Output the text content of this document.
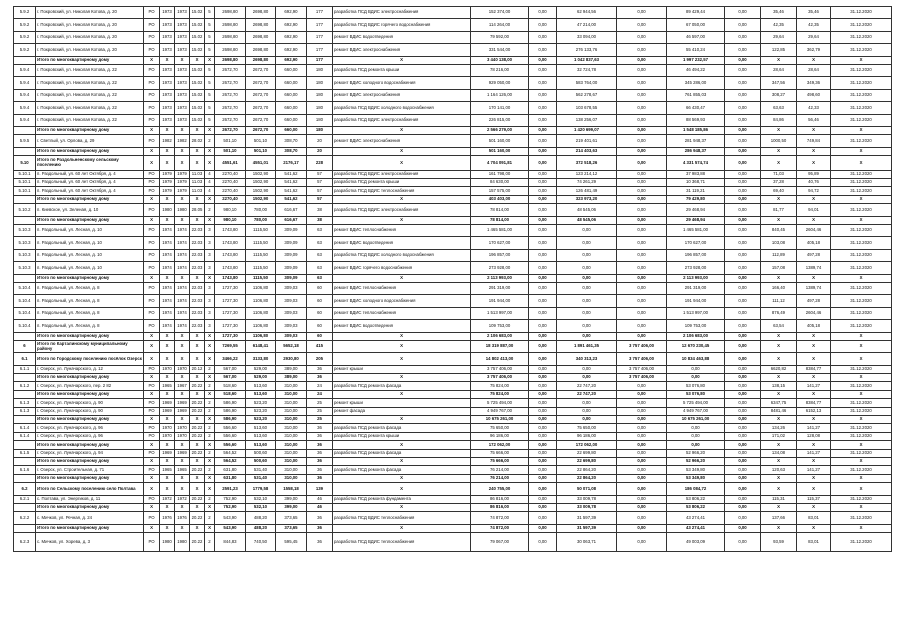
5.9.2	г. Покровский, ул. Николая Котова, д. 20	РО	1973	1973	15.02	5	2698,80	2698,80	692,90	177	разработка ПСД ВДИС электроснабжения	152 374,00	0,00	62 944,56	0,00	89 429,44	0,00	35,46	35,46	31.12.2020
5.9.2	г. Покровский, ул. Николая Котова, д. 20	РО	1973	1973	15.02	5	2698,80	2698,80	692,90	177	разработка ПСД ВДИС горячего водоснабжения	114 264,00	0,00	47 214,00	0,00	67 050,00	0,00	42,35	42,35	31.12.2020
5.9.2	г. Покровский, ул. Николая Котова, д. 20	РО	1973	1973	15.02	5	2698,80	2698,80	692,90	177	ремонт ВДИС водоотведения	79 592,00	0,00	33 094,00	0,00	46 597,00	0,00	29,64	29,64	31.12.2020
5.9.2	г. Покровский, ул. Николая Котова, д. 20	РО	1973	1973	15.02	5	2698,80	2698,80	692,90	177	ремонт ВДИС электроснабжения	331 544,00	0,00	276 133,76	0,00	55 410,24	0,00	122,85	362,79	31.12.2020
	Итого по многоквартирному дому	X	X	X	X	X	2698,80	2698,80	692,90	177	X	3 440 138,00	0,00	1 042 837,63	0,00	1 997 232,57	0,00	X	X	X
5.9.4	г. Покровский, ул. Николая Котова, д. 22	РО	1973	1973	15.02	5	2672,70	2672,70	660,00	180	разработка ПСД ремонта крыши	78 216,00	0,00	32 724,78	0,00	46 494,22	0,00	28,64	28,64	31.12.2020
5.9.4	г. Покровский, ул. Николая Котова, д. 22	РО	1973	1973	15.02	5	2672,70	2672,70	660,00	180	ремонт ВДИС холодного водоснабжения	929 050,00	0,00	583 764,00	0,00	345 286,00	0,00	347,56	349,36	31.12.2020
5.9.4	г. Покровский, ул. Николая Котова, д. 22	РО	1973	1973	15.02	5	2672,70	2672,70	660,00	180	ремонт ВДИС электроснабжения	1 164 126,00	0,00	562 278,67	0,00	761 855,03	0,00	308,27	498,60	31.12.2020
5.9.4	г. Покровский, ул. Николая Котова, д. 22	РО	1973	1973	15.02	5	2672,70	2672,70	660,00	180	разработка ПСД ВДИС холодного водоснабжения	170 141,00	0,00	103 678,55	0,00	66 430,47	0,00	63,63	42,33	31.12.2020
5.9.4	г. Покровский, ул. Николая Котова, д. 22	РО	1973	1973	15.02	5	2672,70	2672,70	660,00	180	разработка ПСД ВДИС электроснабжения	226 815,00	0,00	138 256,07	0,00	88 569,93	0,00	84,86	56,46	31.12.2020
	Итого по многоквартирному дому	X	X	X	X	X	2672,70	2672,70	660,00	180	X	2 566 279,00	0,00	1 420 699,07	0,00	1 548 185,86	0,00	X	X	X
5.9.5	г. Светлый, ул. Орлова, д. 29	РО	1982	1982	28.02	2	501,10	501,10	308,70	20	ремонт ВДИС электроснабжения	501 160,00	0,00	219 401,61	0,00	281 948,37	0,00	1000,50	749,84	31.12.2020
	Итого по многоквартирному дому	X	X	X	X	X	501,10	501,10	308,70	20	X	501 160,00	0,00	214 403,63	0,00	286 948,37	0,00	X	X	X
5.10	Итого по Раздольненскому сельскому поселению	X	X	X	X	X	4551,61	4551,01	2176,17	228	X	4 704 091,81	0,00	372 518,26	0,00	4 331 574,74	0,00	X	X	X
5.10.1	п. Раздольный, ул. 60 лет Октября, д. 4	РО	1979	1979	11.03	4	2270,40	1502,90	541,62	57	разработка ПСД ВДИС электроснабжения	161 798,00	0,00	123 214,12	0,00	37 983,88	0,00	71,03	95,89	31.12.2020
5.10.1	п. Раздольный, ул. 60 лет Октября, д. 4	РО	1979	1979	11.03	4	2270,40	1502,90	541,62	57	разработка ПСД ремонта крыши	84 630,00	0,00	74 261,29	0,00	10 368,71	0,00	37,28	40,76	31.12.2020
5.10.1	п. Раздольный, ул. 60 лет Октября, д. 4	РО	1979	1979	11.03	4	2270,40	1502,90	541,62	57	разработка ПСД ВДИС теплоснабжения	157 575,00	0,00	126 481,49	0,00	31 119,21	0,00	69,40	94,72	31.12.2020
	Итого по многоквартирному дому	X	X	X	X	X	2270,40	1502,90	541,62	57	X	403 403,00	0,00	323 973,20	0,00	79 429,80	0,00	X	X	X
5.10.2	п. Киевское, ул. Зеленая, д. 10	РО	1980	1980	28.05	2	980,10	780,00	616,67	38	разработка ПСД ВДИС электроснабжения	78 814,00	0,00	48 545,06	0,00	29 468,94	0,00	81,77	94,01	31.12.2020
	Итого по многоквартирному дому	X	X	X	X	X	980,10	780,00	616,67	38	X	78 814,00	0,00	48 545,06	0,00	29 468,94	0,00	X	X	X
5.10.3	п. Раздольный, ул. Лесная, д. 10	РО	1974	1974	22.03	3	1743,80	1115,50	309,09	63	ремонт ВДИС теплоснабжения	1 465 581,00	0,00	0,00	0,00	1 465 581,00	0,00	840,45	2604,46	31.12.2020
5.10.3	п. Раздольный, ул. Лесная, д. 10	РО	1974	1974	22.03	3	1743,80	1115,50	309,09	63	ремонт ВДИС водоотведения	170 627,00	0,00	0,00	0,00	170 627,00	0,00	103,08	405,18	31.12.2020
5.10.3	п. Раздольный, ул. Лесная, д. 10	РО	1974	1974	22.03	3	1743,80	1115,50	309,09	63	разработка ПСД ВДИС холодного водоснабжения	196 857,00	0,00	0,00	0,00	196 857,00	0,00	112,89	497,28	31.12.2020
5.10.3	п. Раздольный, ул. Лесная, д. 10	РО	1974	1974	22.03	3	1743,80	1115,50	309,09	63	ремонт ВДИС горячего водоснабжения	273 928,00	0,00	0,00	0,00	273 928,00	0,00	157,08	1389,74	31.12.2020
	Итого по многоквартирному дому	X	X	X	X	X	1743,80	1115,50	309,09	63	X	2 113 993,00	0,00	0,00	0,00	2 113 993,00	0,00	X	X	X
5.10.4	п. Раздольный, ул. Лесная, д. 8	РО	1974	1974	22.03	3	1727,30	1106,80	309,03	60	ремонт ВДИС теплоснабжения	291 319,00	0,00	0,00	0,00	291 319,00	0,00	166,40	1389,74	31.12.2020
5.10.4	п. Раздольный, ул. Лесная, д. 8	РО	1974	1974	22.03	3	1727,30	1106,80	309,03	60	ремонт ВДИС холодного водоснабжения	191 944,00	0,00	0,00	0,00	191 944,00	0,00	111,12	497,28	31.12.2020
5.10.4	п. Раздольный, ул. Лесная, д. 8	РО	1974	1974	22.03	3	1727,30	1106,80	309,03	60	ремонт ВДИС теплоснабжения	1 513 997,00	0,00	0,00	0,00	1 513 997,00	0,00	876,49	2604,46	31.12.2020
5.10.4	п. Раздольный, ул. Лесная, д. 8	РО	1974	1974	22.03	3	1727,30	1106,80	309,03	60	ремонт ВДИС водоотведения	109 753,00	0,00	0,00	0,00	109 753,00	0,00	63,54	405,18	31.12.2020
	Итого по многоквартирному дому	X	X	X	X	X	1727,30	1106,80	309,03	60	X	2 106 683,00	0,00	0,00	0,00	2 106 683,00	0,00	X	X	X
6	Итого по Карталинскому муниципальному району	X	X	X	X	X	7269,55	6148,41	5652,18	415	X	18 319 887,00	0,00	1 891 461,35	3 757 406,00	12 670 230,45	0,00	X	X	X
6.1	Итого по Городскому поселению посёлок Озерск	X	X	X	X	X	3466,22	3133,80	2930,80	205	X	14 802 413,00	0,00	340 313,23	3 757 406,00	10 834 463,88	0,00	X	X	X
6.1.1	г. Озерск, ул. Луначарского, д. 12	РО	1970	1970	20.12	2	567,00	529,00	389,00	36	ремонт крыши	3 757 406,00	0,00	0,00	3 757 406,00	0,00	0,00	6620,82	8384,77	31.12.2020
	Итого по многоквартирному дому	X	X	X	X	X	567,00	529,00	389,00	36	X	3 757 406,00	0,00	0,00	3 757 406,00	0,00	0,00	X	X	X
6.1.2	г. Озерск, ул. Луначарского, пер. 2 82	РО	1965	1967	20.22	2	518,60	513,60	310,00	24	разработка ПСД ремонта фасада	75 824,00	0,00	22 747,20	0,00	53 076,80	0,00	138,15	141,27	31.12.2020
	Итого по многоквартирному дому	X	X	X	X	X	518,60	513,60	310,00	24	X	75 824,00	0,00	22 747,20	0,00	53 076,80	0,00	X	X	X
6.1.3	г. Озерск, ул. Луначарского, д. 90	РО	1969	1969	20.22	2	586,90	523,20	310,00	25	ремонт крыши	5 725 494,00	0,00	0,00	0,00	5 725 494,00	0,00	6347,75	8384,77	31.12.2020
6.1.3	г. Озерск, ул. Луначарского, д. 90	РО	1969	1969	20.22	2	586,90	523,20	310,00	25	ремонт фасада	4 949 767,00	0,00	0,00	0,00	4 949 767,00	0,00	8481,46	6152,13	31.12.2020
	Итого по многоквартирному дому	X	X	X	X	X	586,90	523,20	310,00	25	X	10 675 261,00	0,00	0,00	0,00	10 675 261,00	0,00	X	X	X
6.1.4	г. Озерск, ул. Луначарского, д. 96	РО	1970	1970	20.22	2	556,60	513,60	310,00	36	разработка ПСД ремонта фасада	75 650,00	0,00	75 650,00	0,00	0,00	0,00	134,26	141,27	31.12.2020
6.1.4	г. Озерск, ул. Луначарского, д. 96	РО	1970	1970	20.22	2	556,60	513,60	310,00	36	разработка ПСД ремонта крыши	96 186,00	0,00	96 186,00	0,00	0,00	0,00	171,02	128,08	31.12.2020
	Итого по многоквартирному дому	X	X	X	X	X	556,60	513,60	310,00	36	X	172 062,00	0,00	172 062,00	0,00	0,00	0,00	X	X	X
6.1.5	г. Озерск, ул. Луначарского, д. 94	РО	1969	1969	20.22	2	564,52	500,60	310,00	36	разработка ПСД ремонта фасада	75 666,00	0,00	22 699,80	0,00	52 966,20	0,00	134,08	141,27	31.12.2020
	Итого по многоквартирному дому	X	X	X	X	X	564,52	500,60	310,00	36	X	75 666,00	0,00	22 699,80	0,00	52 966,20	0,00	X	X	X
6.1.6	г. Озерск, ул. Строительная, д. 71	РО	1965	1965	20.22	2	631,80	531,40	310,00	36	разработка ПСД ремонта фасада	76 214,00	0,00	22 864,20	0,00	53 349,80	0,00	120,63	141,27	31.12.2020
	Итого по многоквартирному дому	X	X	X	X	X	631,80	531,40	310,00	36	X	76 214,00	0,00	22 864,20	0,00	53 349,80	0,00	X	X	X
6.2	Итого по Сельскому поселению село Полтава	X	X	X	X	X	2591,23	1779,58	1558,18	139	X	240 755,00	0,00	50 071,08	0,00	186 084,72	0,00	X	X	X
6.2.1	с. Полтава, ул. Энергиков, д. 11	РО	1972	1972	20.22	2	752,90	532,10	399,00	46	разработка ПСД ремонта фундамента	86 816,00	0,00	33 009,78	0,00	53 806,22	0,00	115,31	115,37	31.12.2020
	Итого по многоквартирному дому	X	X	X	X	X	752,90	532,10	399,00	46	X	86 816,00	0,00	33 009,78	0,00	53 806,22	0,00	X	X	X
6.2.2	с. Мичков, ул. Речная, д. 24	РО	1976	1976	20.22	2	543,90	488,20	373,65	36	разработка ПСД ВДИС теплоснабжения	74 872,00	0,00	31 597,39	0,00	43 274,41	0,00	137,66	83,01	31.12.2020
	Итого по многоквартирному дому	X	X	X	X	X	543,90	488,20	373,65	36	X	74 872,00	0,00	31 597,39	0,00	43 274,41	0,00	X	X	X
6.2.3	с. Мичков, ул. Хорева, д. 3	РО	1980	1980	20.22	2	844,83	740,50	595,45	36	разработка ПСД ВДИС теплоснабжения	79 067,00	0,00	30 063,71	0,00	49 003,09	0,00	93,59	83,01	31.12.2020
